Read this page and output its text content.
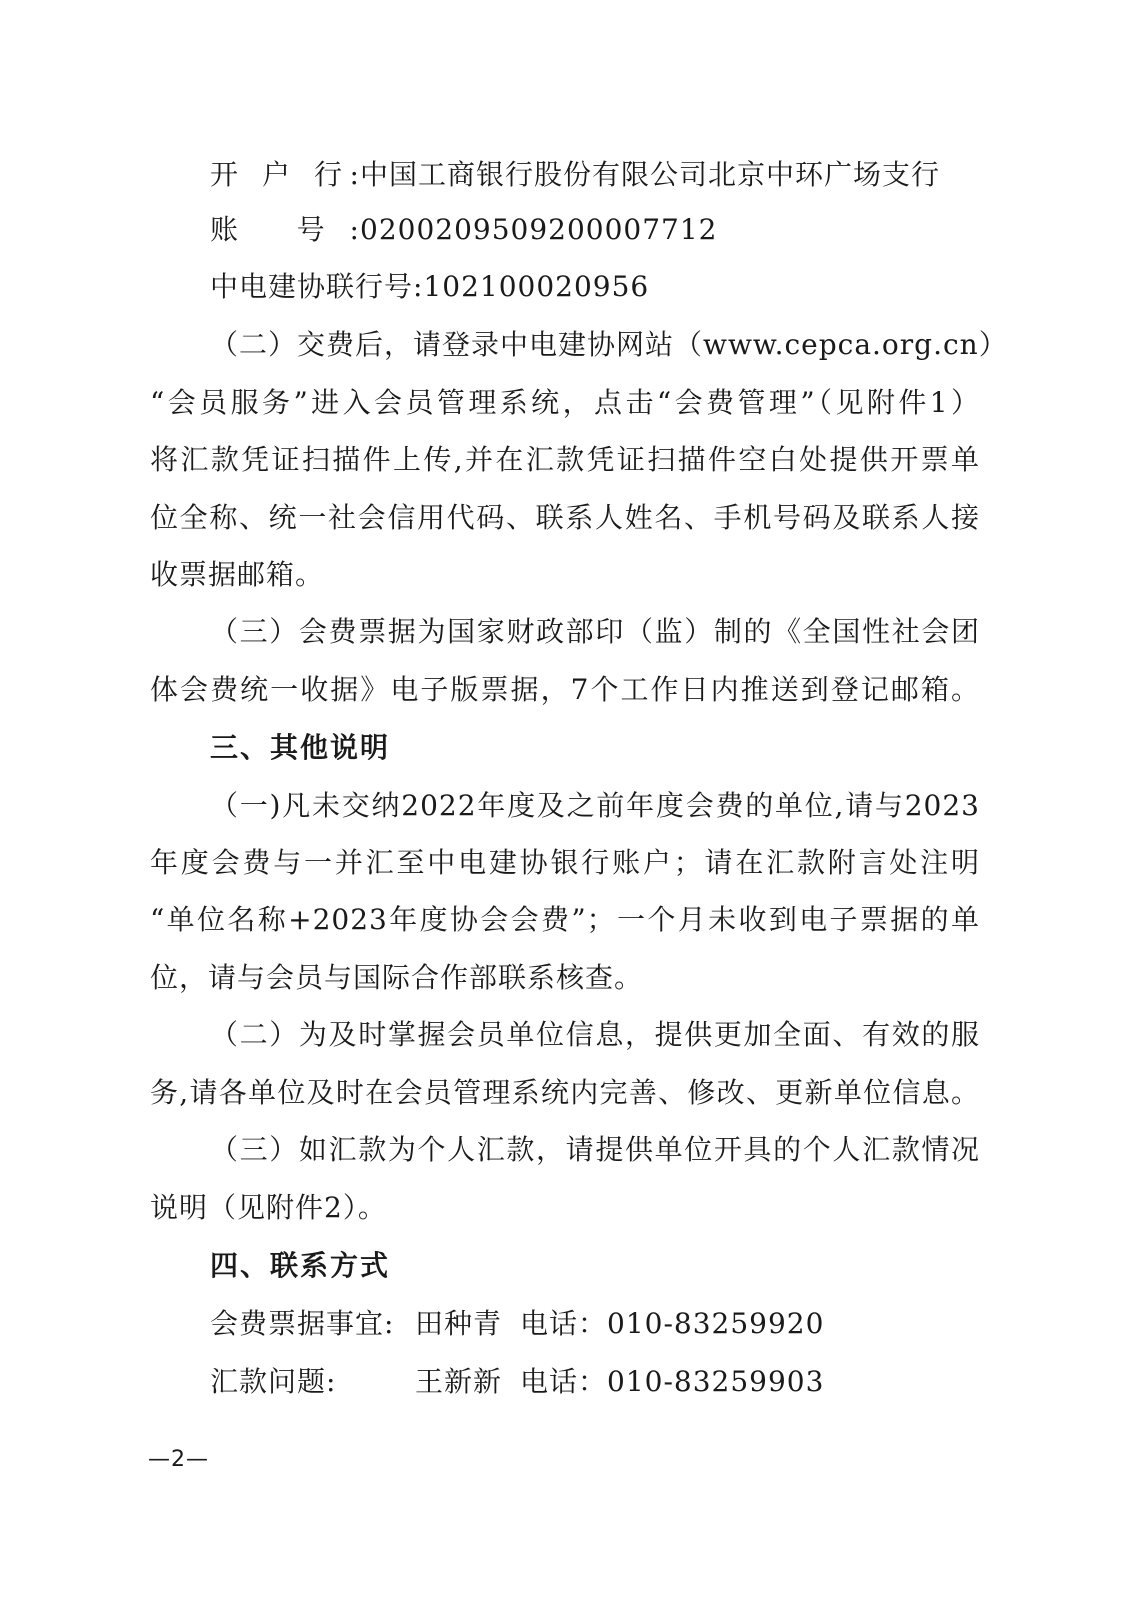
开 户 行:中国工商银行股份有限公司北京中环广场支行
账 号:0200209509200007712
中电建协联行号:102100020956
（二）交费后，请登录中电建协网站（www.cepca.org.cn）
“会员服务”进入会员管理系统，点击“会费管理”（见附件1）
将汇款凭证扫描件上传,并在汇款凭证扫描件空白处提供开票单
位全称、统一社会信用代码、联系人姓名、手机号码及联系人接
收票据邮箱。
（三）会费票据为国家财政部印（监）制的《全国性社会团
体会费统一收据》电子版票据，7个工作日内推送到登记邮箱。
三、其他说明
（一)凡未交纳2022年度及之前年度会费的单位,请与2023
年度会费与一并汇至中电建协银行账户；请在汇款附言处注明
“单位名称+2023年度协会会费”；一个月未收到电子票据的单
位，请与会员与国际合作部联系核查。
（二）为及时掌握会员单位信息，提供更加全面、有效的服
务,请各单位及时在会员管理系统内完善、修改、更新单位信息。
（三）如汇款为个人汇款，请提供单位开具的个人汇款情况
说明（见附件2）。
四、联系方式
会费票据事宜: 田种青 电话：010-83259920
汇款问题:	王新新 电话：010-83259903
—2—
